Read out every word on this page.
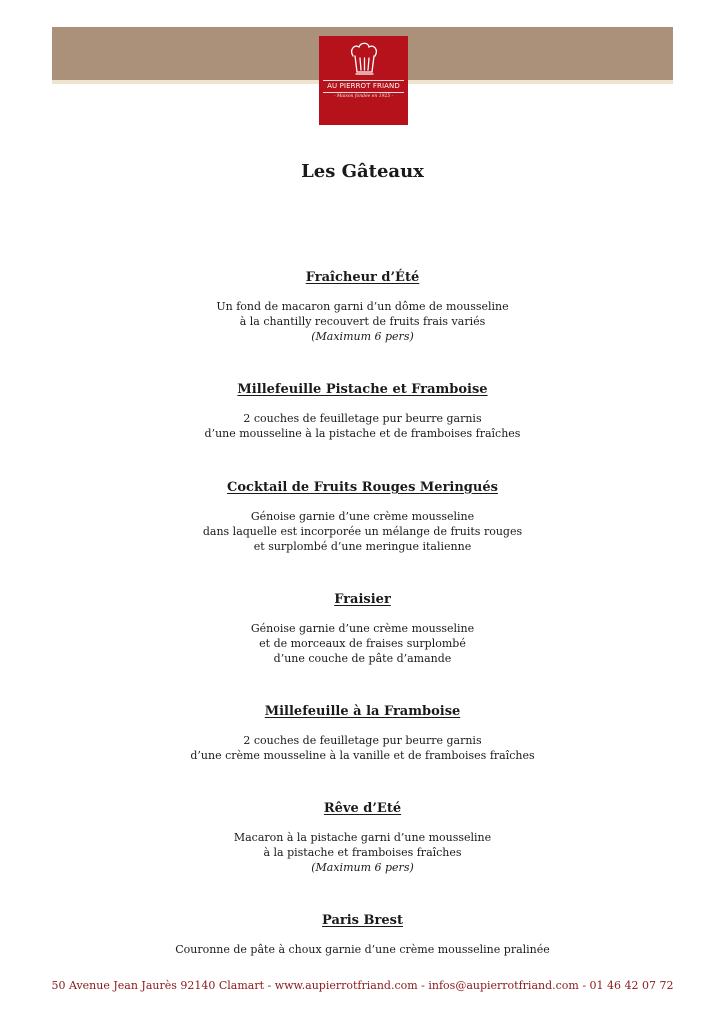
AU PIERROT FRIAND
- Maison fondée en 1925 -
Les Gâteaux
Fraîcheur d’Été
Un fond de macaron garni d’un dôme de mousseline
à la chantilly recouvert de fruits frais variés
(Maximum 6 pers)
Millefeuille Pistache et Framboise
2 couches de feuilletage pur beurre garnis
d’une mousseline à la pistache et de framboises fraîches
Cocktail de Fruits Rouges Meringués
Génoise garnie d’une crème mousseline
dans laquelle est incorporée un mélange de fruits rouges
et surplombé d’une meringue italienne
Fraisier
Génoise garnie d’une crème mousseline
et de morceaux de fraises surplombé
d’une couche de pâte d’amande
Millefeuille à la Framboise
2 couches de feuilletage pur beurre garnis
d’une crème mousseline à la vanille et de framboises fraîches
Rêve d’Eté
Macaron à la pistache garni d’une mousseline
à la pistache et framboises fraîches
(Maximum 6 pers)
Paris Brest
Couronne de pâte à choux garnie d’une crème mousseline pralinée
50 Avenue Jean Jaurès 92140 Clamart - www.aupierrotfriand.com - infos@aupierrotfriand.com - 01 46 42 07 72
